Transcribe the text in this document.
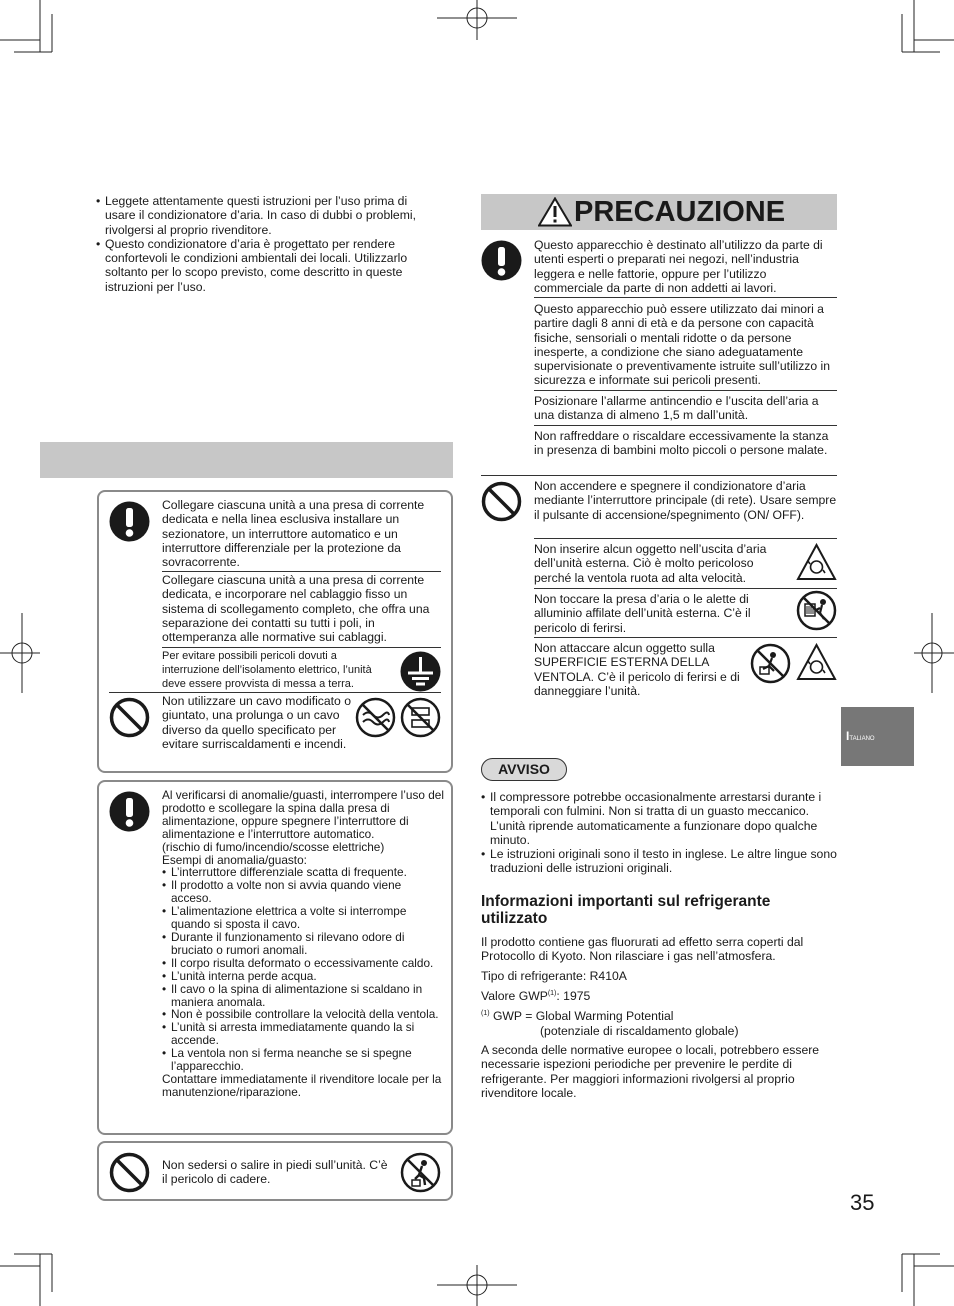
• Leggete attentamente questi istruzioni per l’uso prima di usare il condizionatore d’aria. In caso di dubbi o problemi, rivolgersi al proprio rivenditore.
• Questo condizionatore d’aria è progettato per rendere confortevoli le condizioni ambientali dei locali. Utilizzarlo soltanto per lo scopo previsto, come descritto in queste istruzioni per l’uso.
Collegare ciascuna unità a una presa di corrente dedicata e nella linea esclusiva installare un sezionatore, un interruttore automatico e un interruttore differenziale per la protezione da sovracorrente.
Collegare ciascuna unità a una presa di corrente dedicata, e incorporare nel cablaggio fisso un sistema di scollegamento completo, che offra una separazione dei contatti su tutti i poli, in ottemperanza alle normative sui cablaggi.
Per evitare possibili pericoli dovuti a interruzione dell’isolamento elettrico, l’unità deve essere provvista di messa a terra.
Non utilizzare un cavo modificato o giuntato, una prolunga o un cavo diverso da quello specificato per evitare surriscaldamenti e incendi.
Al verificarsi di anomalie/guasti, interrompere l’uso del prodotto e scollegare la spina dalla presa di alimentazione, oppure spegnere l’interruttore di alimentazione e l’interruttore automatico.
(rischio di fumo/incendio/scosse elettriche)
Esempi di anomalia/guasto:
• L’interruttore differenziale scatta di frequente.
• Il prodotto a volte non si avvia quando viene acceso.
• L’alimentazione elettrica a volte si interrompe quando si sposta il cavo.
• Durante il funzionamento si rilevano odore di bruciato o rumori anomali.
• Il corpo risulta deformato o eccessivamente caldo.
• L’unità interna perde acqua.
• Il cavo o la spina di alimentazione si scaldano in maniera anomala.
• Non è possibile controllare la velocità della ventola.
• L’unità si arresta immediatamente quando la si accende.
• La ventola non si ferma neanche se si spegne l’apparecchio.
Contattare immediatamente il rivenditore locale per la manutenzione/riparazione.
Non sedersi o salire in piedi sull’unità. C’è il pericolo di cadere.
PRECAUZIONE
Questo apparecchio è destinato all’utilizzo da parte di utenti esperti o preparati nei negozi, nell’industria leggera e nelle fattorie, oppure per l’utilizzo commerciale da parte di non addetti ai lavori.
Questo apparecchio può essere utilizzato dai minori a partire dagli 8 anni di età e da persone con capacità fisiche, sensoriali o mentali ridotte o da persone inesperte, a condizione che siano adeguatamente supervisionate o preventivamente istruite sull’utilizzo in sicurezza e informate sui pericoli presenti.
Posizionare l’allarme antincendio e l’uscita dell’aria a una distanza di almeno 1,5 m dall’unità.
Non raffreddare o riscaldare eccessivamente la stanza in presenza di bambini molto piccoli o persone malate.
Non accendere e spegnere il condizionatore d’aria mediante l’interruttore principale (di rete). Usare sempre il pulsante di accensione/spegnimento (ON/ OFF).
Non inserire alcun oggetto nell’uscita d’aria dell’unità esterna. Ciò è molto pericoloso perché la ventola ruota ad alta velocità.
Non toccare la presa d’aria o le alette di alluminio affilate dell’unità esterna. C’è il pericolo di ferirsi.
Non attaccare alcun oggetto sulla SUPERFICIE ESTERNA DELLA VENTOLA. C’è il pericolo di ferirsi e di danneggiare l’unità.
ITALIANO
AVVISO
• Il compressore potrebbe occasionalmente arrestarsi durante i temporali con fulmini. Non si tratta di un guasto meccanico. L’unità riprende automaticamente a funzionare dopo qualche minuto.
• Le istruzioni originali sono il testo in inglese. Le altre lingue sono traduzioni delle istruzioni originali.
Informazioni importanti sul refrigerante utilizzato
Il prodotto contiene gas fluorurati ad effetto serra coperti dal Protocollo di Kyoto. Non rilasciare i gas nell’atmosfera.
Tipo di refrigerante: R410A
Valore GWP$^{(1)}$: 1975
$^{(1)}$ GWP = Global Warming Potential
(potenziale di riscaldamento globale)
A seconda delle normative europee o locali, potrebbero essere necessarie ispezioni periodiche per prevenire le perdite di refrigerante. Per maggiori informazioni rivolgersi al proprio rivenditore locale.
35
